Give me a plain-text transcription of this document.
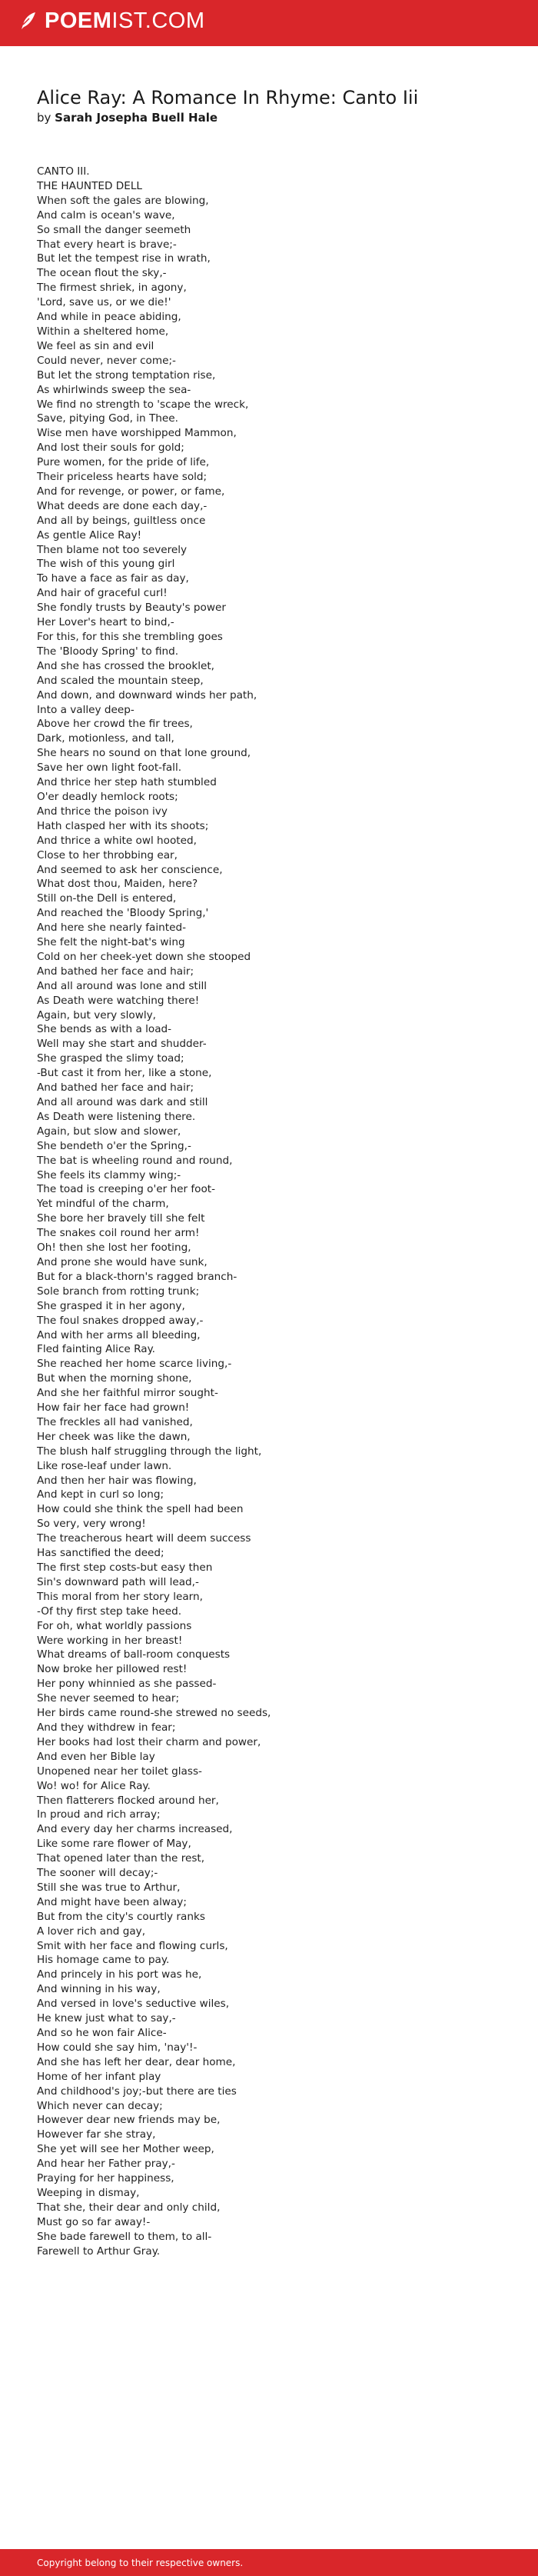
POEMIST.COM
Alice Ray: A Romance In Rhyme: Canto Iii
by Sarah Josepha Buell Hale
CANTO III.
THE HAUNTED DELL
When soft the gales are blowing,
And calm is ocean's wave,
So small the danger seemeth
That every heart is brave;-
But let the tempest rise in wrath,
The ocean flout the sky,-
The firmest shriek, in agony,
'Lord, save us, or we die!'
And while in peace abiding,
Within a sheltered home,
We feel as sin and evil
Could never, never come;-
But let the strong temptation rise,
As whirlwinds sweep the sea-
We find no strength to 'scape the wreck,
Save, pitying God, in Thee.
Wise men have worshipped Mammon,
And lost their souls for gold;
Pure women, for the pride of life,
Their priceless hearts have sold;
And for revenge, or power, or fame,
What deeds are done each day,-
And all by beings, guiltless once
As gentle Alice Ray!
Then blame not too severely
The wish of this young girl
To have a face as fair as day,
And hair of graceful curl!
She fondly trusts by Beauty's power
Her Lover's heart to bind,-
For this, for this she trembling goes
The 'Bloody Spring' to find.
And she has crossed the brooklet,
And scaled the mountain steep,
And down, and downward winds her path,
Into a valley deep-
Above her crowd the fir trees,
Dark, motionless, and tall,
She hears no sound on that lone ground,
Save her own light foot-fall.
And thrice her step hath stumbled
O'er deadly hemlock roots;
And thrice the poison ivy
Hath clasped her with its shoots;
And thrice a white owl hooted,
Close to her throbbing ear,
And seemed to ask her conscience,
What dost thou, Maiden, here?
Still on-the Dell is entered,
And reached the 'Bloody Spring,'
And here she nearly fainted-
She felt the night-bat's wing
Cold on her cheek-yet down she stooped
And bathed her face and hair;
And all around was lone and still
As Death were watching there!
Again, but very slowly,
She bends as with a load-
Well may she start and shudder-
She grasped the slimy toad;
-But cast it from her, like a stone,
And bathed her face and hair;
And all around was dark and still
As Death were listening there.
Again, but slow and slower,
She bendeth o'er the Spring,-
The bat is wheeling round and round,
She feels its clammy wing;-
The toad is creeping o'er her foot-
Yet mindful of the charm,
She bore her bravely till she felt
The snakes coil round her arm!
Oh! then she lost her footing,
And prone she would have sunk,
But for a black-thorn's ragged branch-
Sole branch from rotting trunk;
She grasped it in her agony,
The foul snakes dropped away,-
And with her arms all bleeding,
Fled fainting Alice Ray.
She reached her home scarce living,-
But when the morning shone,
And she her faithful mirror sought-
How fair her face had grown!
The freckles all had vanished,
Her cheek was like the dawn,
The blush half struggling through the light,
Like rose-leaf under lawn.
And then her hair was flowing,
And kept in curl so long;
How could she think the spell had been
So very, very wrong!
The treacherous heart will deem success
Has sanctified the deed;
The first step costs-but easy then
Sin's downward path will lead,-
This moral from her story learn,
-Of thy first step take heed.
For oh, what worldly passions
Were working in her breast!
What dreams of ball-room conquests
Now broke her pillowed rest!
Her pony whinnied as she passed-
She never seemed to hear;
Her birds came round-she strewed no seeds,
And they withdrew in fear;
Her books had lost their charm and power,
And even her Bible lay
Unopened near her toilet glass-
Wo! wo! for Alice Ray.
Then flatterers flocked around her,
In proud and rich array;
And every day her charms increased,
Like some rare flower of May,
That opened later than the rest,
The sooner will decay;-
Still she was true to Arthur,
And might have been alway;
But from the city's courtly ranks
A lover rich and gay,
Smit with her face and flowing curls,
His homage came to pay.
And princely in his port was he,
And winning in his way,
And versed in love's seductive wiles,
He knew just what to say,-
And so he won fair Alice-
How could she say him, 'nay'!-
And she has left her dear, dear home,
Home of her infant play
And childhood's joy;-but there are ties
Which never can decay;
However dear new friends may be,
However far she stray,
She yet will see her Mother weep,
And hear her Father pray,-
Praying for her happiness,
Weeping in dismay,
That she, their dear and only child,
Must go so far away!-
She bade farewell to them, to all-
Farewell to Arthur Gray.
Copyright belong to their respective owners.
